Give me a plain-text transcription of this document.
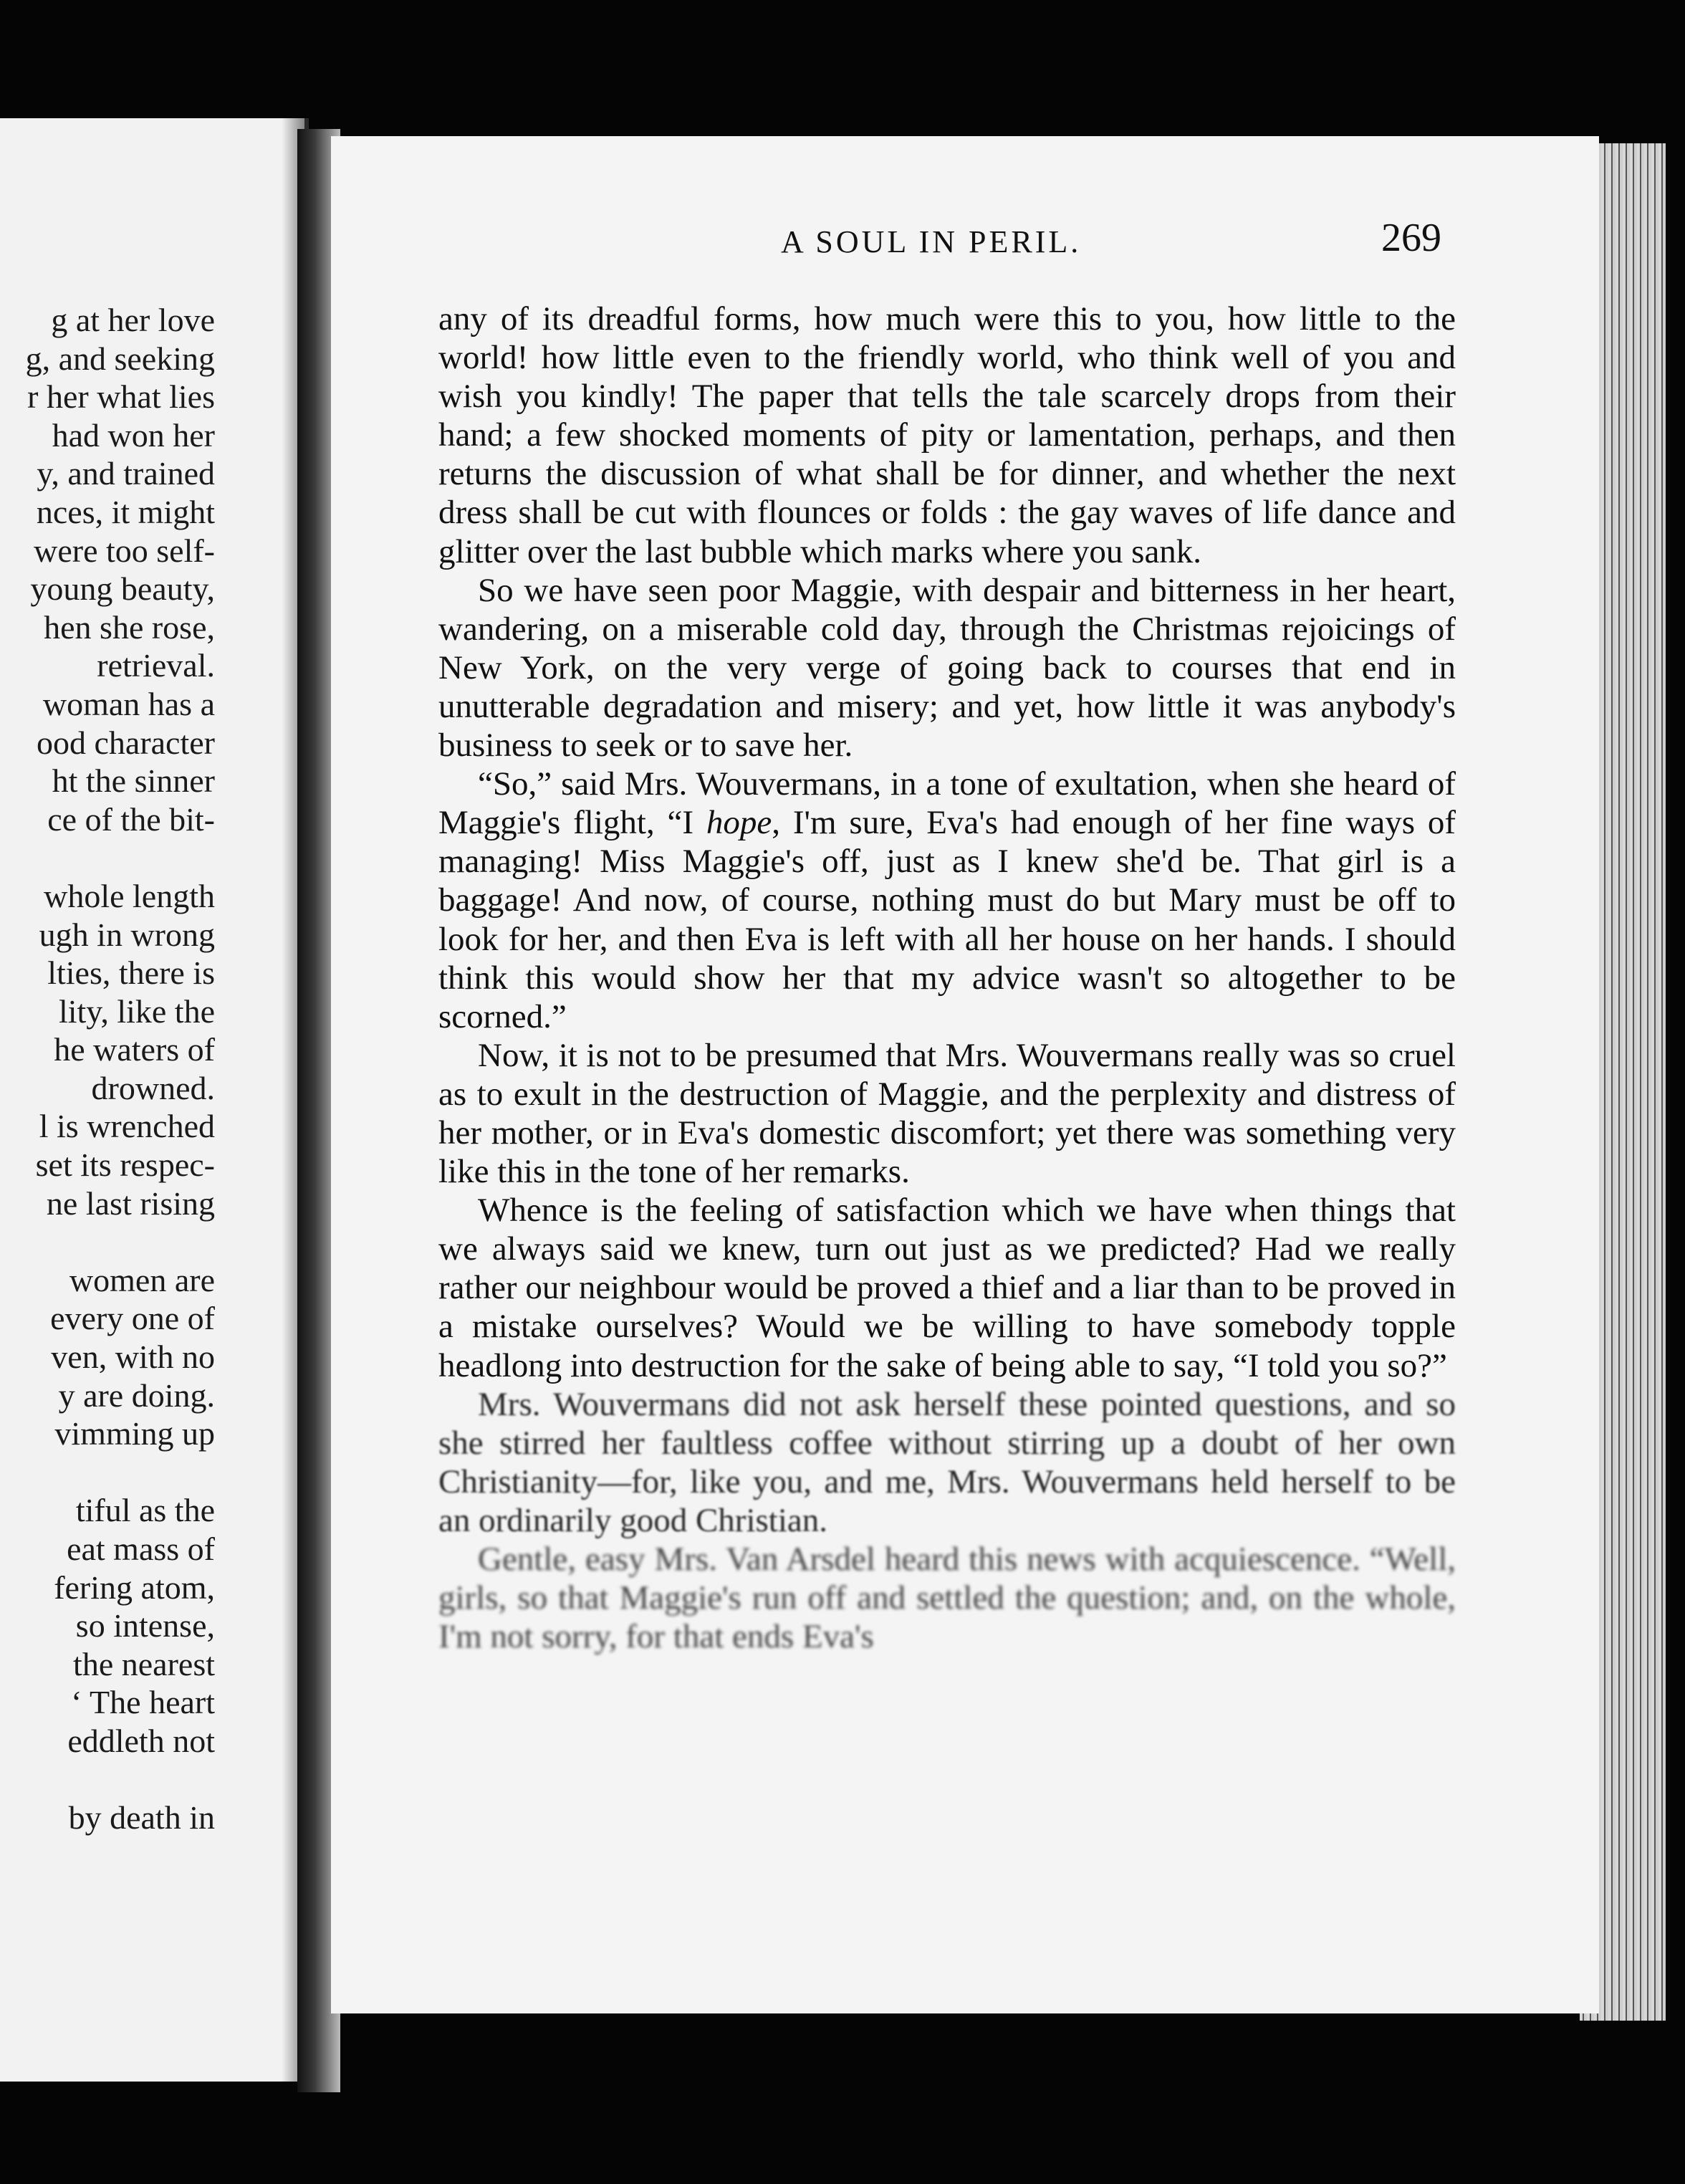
g at her love
g, and seeking
r her what lies
had won her
y, and trained
nces, it might
were too self-
young beauty,
hen she rose,
retrieval.
woman has a
ood character
ht the sinner
ce of the bit-
whole length
ugh in wrong
lties, there is
lity, like the
he waters of
drowned.
l is wrenched
set its respec-
ne last rising
women are
every one of
ven, with no
y are doing.
vimming up
tiful as the
eat mass of
fering atom,
so intense,
the nearest
‘ The heart
eddleth not
by death in
A SOUL IN PERIL.	269

any of its dreadful forms, how much were this to you, how little to the world! how little even to the friendly world, who think well of you and wish you kindly! The paper that tells the tale scarcely drops from their hand; a few shocked moments of pity or lamentation, perhaps, and then returns the discussion of what shall be for dinner, and whether the next dress shall be cut with flounces or folds : the gay waves of life dance and glitter over the last bubble which marks where you sank.

So we have seen poor Maggie, with despair and bitterness in her heart, wandering, on a miserable cold day, through the Christmas rejoicings of New York, on the very verge of going back to courses that end in unutterable degradation and misery; and yet, how little it was anybody's business to seek or to save her.

“So,” said Mrs. Wouvermans, in a tone of exultation, when she heard of Maggie's flight, “I hope, I'm sure, Eva's had enough of her fine ways of managing! Miss Maggie's off, just as I knew she'd be. That girl is a baggage! And now, of course, nothing must do but Mary must be off to look for her, and then Eva is left with all her house on her hands. I should think this would show her that my advice wasn't so altogether to be scorned.”

Now, it is not to be presumed that Mrs. Wouvermans really was so cruel as to exult in the destruction of Maggie, and the perplexity and distress of her mother, or in Eva's domestic discomfort; yet there was something very like this in the tone of her remarks.

Whence is the feeling of satisfaction which we have when things that we always said we knew, turn out just as we predicted? Had we really rather our neighbour would be proved a thief and a liar than to be proved in a mistake ourselves? Would we be willing to have somebody topple headlong into destruction for the sake of being able to say, “I told you so?”

Mrs. Wouvermans did not ask herself these pointed questions, and so she stirred her faultless coffee without stirring up a doubt of her own Christianity—for, like you, and me, Mrs. Wouvermans held herself to be an ordinarily good Christian.

Gentle, easy Mrs. Van Arsdel heard this news with acquiescence. “Well, girls, so that Maggie's run off and settled the question; and, on the whole, I'm not sorry, for that ends Eva's
